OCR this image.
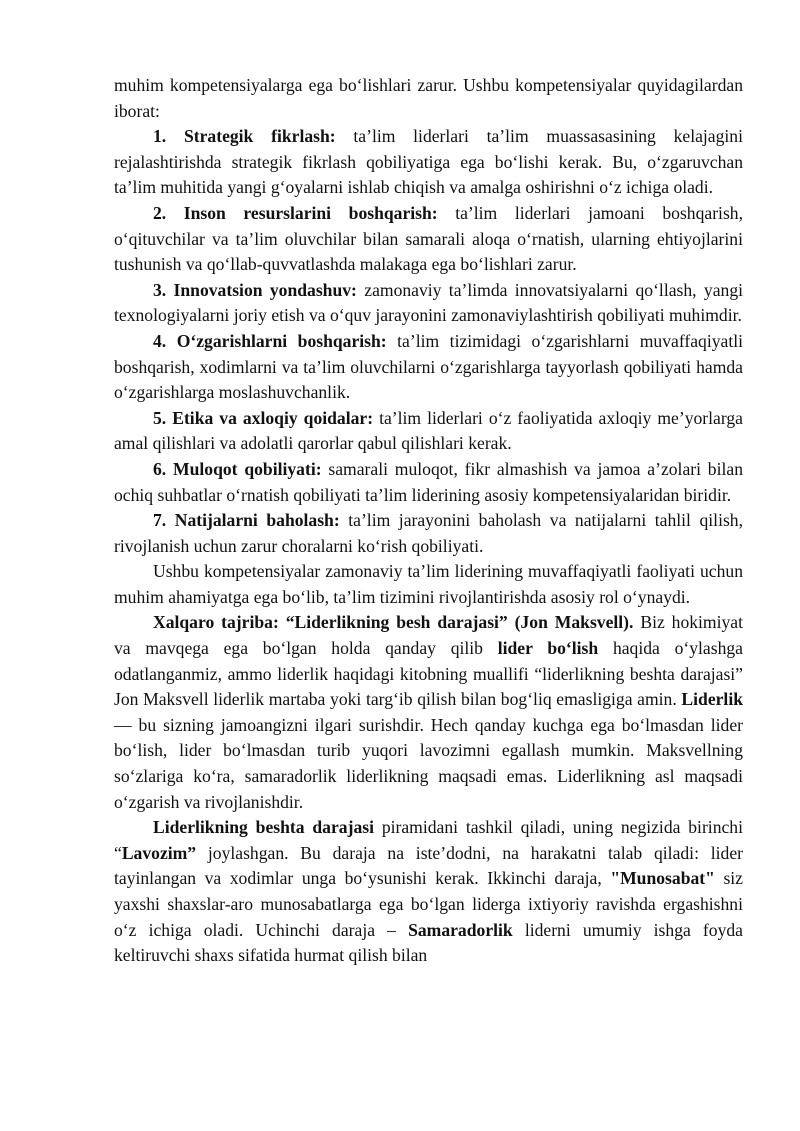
muhim kompetensiyalarga ega bo‘lishlari zarur. Ushbu kompetensiyalar quyidagilardan iborat:

1. Strategik fikrlash: ta’lim liderlari ta’lim muassasasining kelajagini rejalashtirishda strategik fikrlash qobiliyatiga ega bo‘lishi kerak. Bu, o‘zgaruvchan ta’lim muhitida yangi g‘oyalarni ishlab chiqish va amalga oshirishni o‘z ichiga oladi.

2. Inson resurslarini boshqarish: ta’lim liderlari jamoani boshqarish, o‘qituvchilar va ta’lim oluvchilar bilan samarali aloqa o‘rnatish, ularning ehtiyojlarini tushunish va qo‘llab-quvvatlashda malakaga ega bo‘lishlari zarur.

3. Innovatsion yondashuv: zamonaviy ta’limda innovatsiyalarni qo‘llash, yangi texnologiyalarni joriy etish va o‘quv jarayonini zamonaviylashtirish qobiliyati muhimdir.

4. O‘zgarishlarni boshqarish: ta’lim tizimidagi o‘zgarishlarni muvaffaqiyatli boshqarish, xodimlarni va ta’lim oluvchilarni o‘zgarishlarga tayyorlash qobiliyati hamda o‘zgarishlarga moslashuvchanlik.

5. Etika va axloqiy qoidalar: ta’lim liderlari o‘z faoliyatida axloqiy me’yorlarga amal qilishlari va adolatli qarorlar qabul qilishlari kerak.

6. Muloqot qobiliyati: samarali muloqot, fikr almashish va jamoa a’zolari bilan ochiq suhbatlar o‘rnatish qobiliyati ta’lim liderining asosiy kompetensiyalaridan biridir.

7. Natijalarni baholash: ta’lim jarayonini baholash va natijalarni tahlil qilish, rivojlanish uchun zarur choralarni ko‘rish qobiliyati.

Ushbu kompetensiyalar zamonaviy ta’lim liderining muvaffaqiyatli faoliyati uchun muhim ahamiyatga ega bo‘lib, ta’lim tizimini rivojlantirishda asosiy rol o‘ynaydi.

Xalqaro tajriba: “Liderlikning besh darajasi” (Jon Maksvell). Biz hokimiyat va mavqega ega bo‘lgan holda qanday qilib lider bo‘lish haqida o‘ylashga odatlanganmiz, ammo liderlik haqidagi kitobning muallifi “liderlikning beshta darajasi” Jon Maksvell liderlik martaba yoki targ‘ib qilish bilan bog‘liq emasligiga amin. Liderlik — bu sizning jamoangizni ilgari surishdir. Hech qanday kuchga ega bo‘lmasdan lider bo‘lish, lider bo‘lmasdan turib yuqori lavozimni egallash mumkin. Maksvellning so‘zlariga ko‘ra, samaradorlik liderlikning maqsadi emas. Liderlikning asl maqsadi o‘zgarish va rivojlanishdir.

Liderlikning beshta darajasi piramidani tashkil qiladi, uning negizida birinchi “Lavozim” joylashgan. Bu daraja na iste’dodni, na harakatni talab qiladi: lider tayinlangan va xodimlar unga bo‘ysunishi kerak. Ikkinchi daraja, "Munosabat" siz yaxshi shaxslar-aro munosabatlarga ega bo‘lgan liderga ixtiyoriy ravishda ergashishni o‘z ichiga oladi. Uchinchi daraja – Samaradorlik liderni umumiy ishga foyda keltiruvchi shaxs sifatida hurmat qilish bilan
